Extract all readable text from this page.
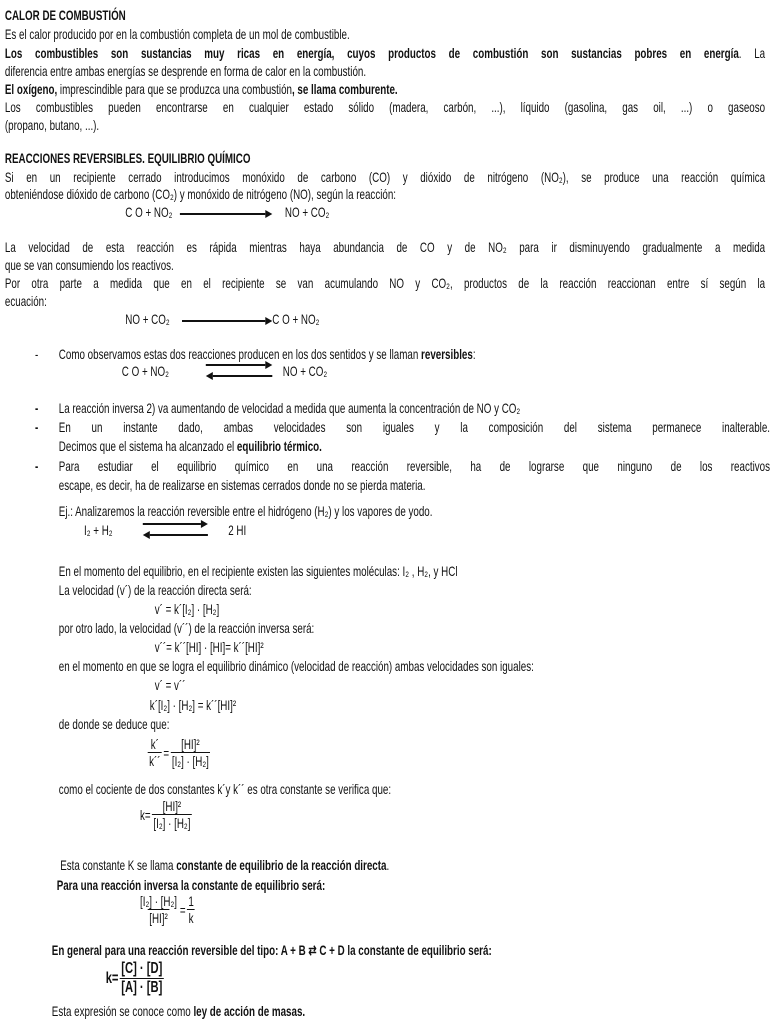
CALOR DE COMBUSTIÓN
Es el calor producido por en la combustión completa de un mol de combustible.
Los combustibles son sustancias muy ricas en energía, cuyos productos de combustión son sustancias pobres en energía. La
diferencia entre ambas energías se desprende en forma de calor en la combustión.
El oxígeno, imprescindible para que se produzca una combustión, se llama comburente.
Los combustibles pueden encontrarse en cualquier estado sólido (madera, carbón, ...), líquido (gasolina, gas oil, ...) o gaseoso
(propano, butano, ...).
REACCIONES REVERSIBLES. EQUILIBRIO QUÍMICO
Si en un recipiente cerrado introducimos monóxido de carbono (CO) y dióxido de nitrógeno (NO₂), se produce una reacción química
obteniéndose dióxido de carbono (CO₂) y monóxido de nitrógeno (NO), según la reacción:
C O + NO₂	NO + CO₂
La velocidad de esta reacción es rápida mientras haya abundancia de CO y de NO₂ para ir disminuyendo gradualmente a medida
que se van consumiendo los reactivos.
Por otra parte a medida que en el recipiente se van acumulando NO y CO₂, productos de la reacción reaccionan entre sí según la
ecuación:
NO + CO₂	C O + NO₂
- Como observamos estas dos reacciones producen en los dos sentidos y se llaman reversibles:
C O + NO₂	NO + CO₂
- La reacción inversa 2) va aumentando de velocidad a medida que aumenta la concentración de NO y CO₂
- En un instante dado, ambas velocidades son iguales y la composición del sistema permanece inalterable.
Decimos que el sistema ha alcanzado el equilibrio térmico.
- Para estudiar el equilibrio químico en una reacción reversible, ha de lograrse que ninguno de los reactivos
escape, es decir, ha de realizarse en sistemas cerrados donde no se pierda materia.
Ej.: Analizaremos la reacción reversible entre el hidrógeno (H₂) y los vapores de yodo.
I₂ + H₂	2 HI
En el momento del equilibrio, en el recipiente existen las siguientes moléculas: I₂ , H₂, y HCl
La velocidad (v´) de la reacción directa será:
v´ = k´[I₂] · [H₂]
por otro lado, la velocidad (v´´) de la reacción inversa será:
v´´= k´´[HI] · [HI]= k´´[HI]²
en el momento en que se logra el equilibrio dinámico (velocidad de reacción) ambas velocidades son iguales:
v´ = v´´
k´[I₂] · [H₂] = k´´[HI]²
de donde se deduce que:
$\frac{k´}{k´´} = \frac{\text{[HI]²}}{\text{[I₂] · [H₂]}}$
como el cociente de dos constantes k´y k´´ es otra constante se verifica que:
$k= \frac{\text{[HI]²}}{\text{[I₂] · [H₂]}}$
Esta constante K se llama constante de equilibrio de la reacción directa.
Para una reacción inversa la constante de equilibrio será:
$\frac{\text{[I₂] · [H₂]}}{\text{[HI]²}} = \frac{1}{k}$
En general para una reacción reversible del tipo: A + B ⇄ C + D la constante de equilibrio será:
$k= \frac{[C] \cdot [D]}{[A] \cdot [B]}$
Esta expresión se conoce como ley de acción de masas.
